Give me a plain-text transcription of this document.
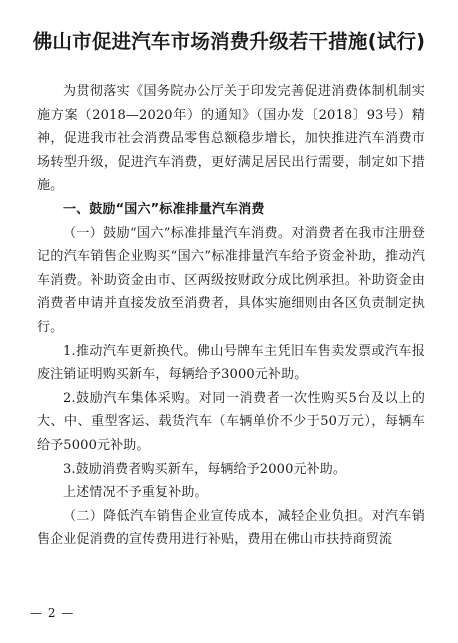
佛山市促进汽车市场消费升级若干措施(试行)

为贯彻落实《国务院办公厅关于印发完善促进消费体制机制实施方案（2018—2020年）的通知》（国办发〔2018〕93号）精神，促进我市社会消费品零售总额稳步增长，加快推进汽车消费市场转型升级，促进汽车消费，更好满足居民出行需要，制定如下措施。

一、鼓励“国六”标准排量汽车消费

（一）鼓励“国六”标准排量汽车消费。对消费者在我市注册登记的汽车销售企业购买“国六”标准排量汽车给予资金补助，推动汽车消费。补助资金由市、区两级按财政分成比例承担。补助资金由消费者申请并直接发放至消费者，具体实施细则由各区负责制定执行。

1.推动汽车更新换代。佛山号牌车主凭旧车售卖发票或汽车报废注销证明购买新车，每辆给予3000元补助。

2.鼓励汽车集体采购。对同一消费者一次性购买5台及以上的大、中、重型客运、载货汽车（车辆单价不少于50万元），每辆车给予5000元补助。

3.鼓励消费者购买新车，每辆给予2000元补助。

上述情况不予重复补助。

（二）降低汽车销售企业宣传成本，减轻企业负担。对汽车销售企业促消费的宣传费用进行补贴，费用在佛山市扶持商贸流

— 2 —
